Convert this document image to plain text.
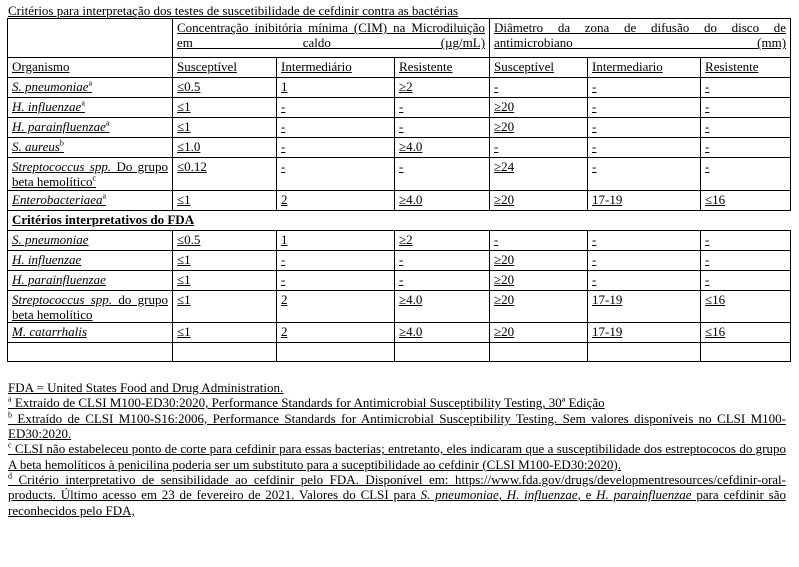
Critérios para interpretação dos testes de suscetibilidade de cefdinir contra as bactérias

	Concentração inibitória mínima (CIM) na Microdiluição em caldo (µg/mL)			Diâmetro da zona de difusão do disco de antimicrobiano (mm)		

Organismo	Susceptível	Intermediário	Resistente	Susceptível	Intermediario	Resistente

S. pneumoniae$^a$	≤0.5	1	≥2	-	-	-

H. influenzae$^a$	≤1	-	-	≥20	-	-

H. parainfluenzae$^a$	≤1	-	-	≥20	-	-

S. aureus$^b$	≤1.0	-	≥4.0	-	-	-

Streptococcus spp. Do grupo beta hemolítico$^c$	≤0.12	-	-	≥24	-	-

Enterobacteriaea$^a$	≤1	2	≥4.0	≥20	17-19	≤16
Critérios interpretativos do FDA						

S. pneumoniae	≤0.5	1	≥2	-	-	-

H. influenzae	≤1	-	-	≥20	-	-

H. parainfluenzae	≤1	-	-	≥20	-	-

Streptococcus spp. do grupo beta hemolítico	≤1	2	≥4.0	≥20	17-19	≤16

M. catarrhalis	≤1	2	≥4.0	≥20	17-19	≤16

FDA = United States Food and Drug Administration.

$^a$ Extraído de CLSI M100-ED30:2020, Performance Standards for Antimicrobial Susceptibility Testing, 30ª Edição

$^b$ Extraído de CLSI M100-S16:2006, Performance Standards for Antimicrobial Susceptibility Testing. Sem valores disponíveis no CLSI M100-ED30:2020.

$^c$ CLSI não estabeleceu ponto de corte para cefdinir para essas bacterias; entretanto, eles indicaram que a susceptibilidade dos estreptococos do grupo A beta hemolíticos à penicilina poderia ser um substituto para a suceptibilidade ao cefdinir (CLSI M100-ED30:2020).

$^d$ Critério interpretativo de sensibilidade ao cefdinir pelo FDA. Disponível em: https://www.fda.gov/drugs/developmentresources/cefdinir-oral-products. Último acesso em 23 de fevereiro de 2021. Valores do CLSI para S. pneumoniae, H. influenzae, e H. parainfluenzae para cefdinir são reconhecidos pelo FDA,
